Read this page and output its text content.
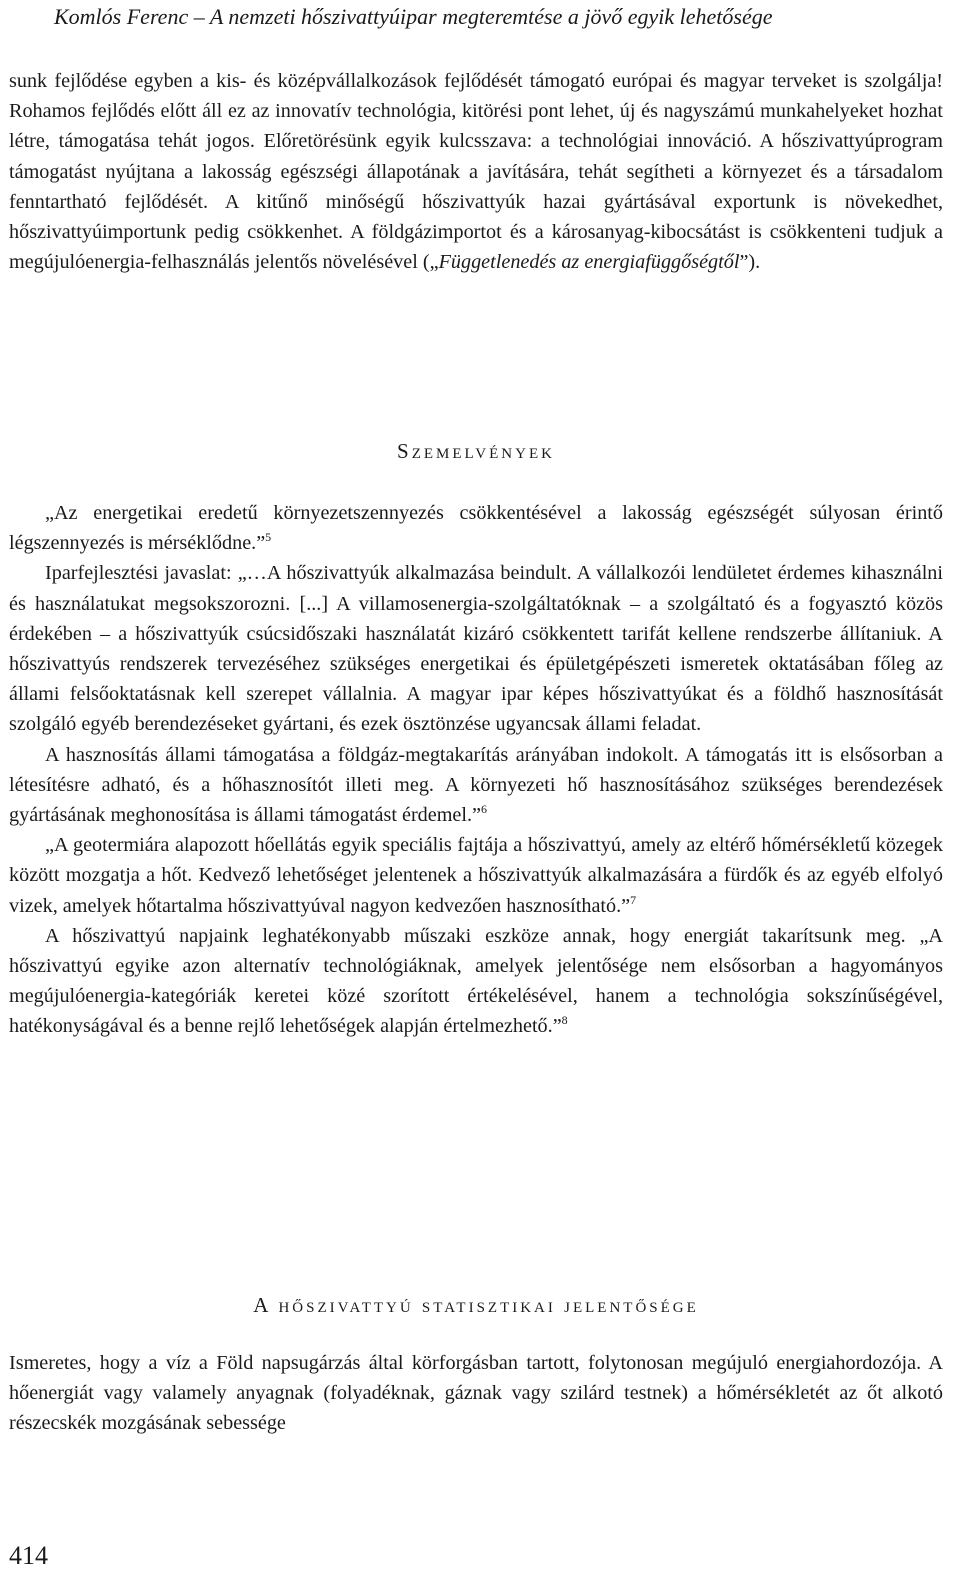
Komlós Ferenc – A nemzeti hőszivattyúipar megteremtése a jövő egyik lehetősége

sunk fejlődése egyben a kis- és középvállalkozások fejlődését támogató európai és magyar terveket is szolgálja! Rohamos fejlődés előtt áll ez az innovatív technológia, kitörési pont lehet, új és nagyszámú munkahelyeket hozhat létre, támogatása tehát jogos. Előretörésünk egyik kulcsszava: a technológiai innováció. A hőszivattyúprogram támogatást nyújtana a lakosság egészségi állapotának a javítására, tehát segítheti a környezet és a társadalom fenntartható fejlődését. A kitűnő minőségű hőszivattyúk hazai gyártásával exportunk is növekedhet, hőszivattyúimportunk pedig csökkenhet. A földgázimportot és a károsanyag-kibocsátást is csökkenteni tudjuk a megújulóenergia-felhasználás jelentős növelésével („Függetlenedés az energiafüggőségtől”).

Szemelvények

„Az energetikai eredetű környezetszennyezés csökkentésével a lakosság egészségét súlyosan érintő légszennyezés is mérséklődne.”$^5$

Iparfejlesztési javaslat: „…A hőszivattyúk alkalmazása beindult. A vállalkozói lendületet érdemes kihasználni és használatukat megsokszorozni. [...] A villamosenergia-szolgáltatóknak – a szolgáltató és a fogyasztó közös érdekében – a hőszivattyúk csúcsidőszaki használatát kizáró csökkentett tarifát kellene rendszerbe állítaniuk. A hőszivattyús rendszerek tervezéséhez szükséges energetikai és épületgépészeti ismeretek oktatásában főleg az állami felsőoktatásnak kell szerepet vállalnia. A magyar ipar képes hőszivattyúkat és a földhő hasznosítását szolgáló egyéb berendezéseket gyártani, és ezek ösztönzése ugyancsak állami feladat.

A hasznosítás állami támogatása a földgáz-megtakarítás arányában indokolt. A támogatás itt is elsősorban a létesítésre adható, és a hőhasznosítót illeti meg. A környezeti hő hasznosításához szükséges berendezések gyártásának meghonosítása is állami támogatást érdemel.”$^6$

„A geotermiára alapozott hőellátás egyik speciális fajtája a hőszivattyú, amely az eltérő hőmérsékletű közegek között mozgatja a hőt. Kedvező lehetőséget jelentenek a hőszivattyúk alkalmazására a fürdők és az egyéb elfolyó vizek, amelyek hőtartalma hőszivattyúval nagyon kedvezően hasznosítható.”$^7$

A hőszivattyú napjaink leghatékonyabb műszaki eszköze annak, hogy energiát takarítsunk meg. „A hőszivattyú egyike azon alternatív technológiáknak, amelyek jelentősége nem elsősorban a hagyományos megújulóenergia-kategóriák keretei közé szorított értékelésével, hanem a technológia sokszínűségével, hatékonyságával és a benne rejlő lehetőségek alapján értelmezhető.”$^8$

A hőszivattyú statisztikai jelentősége

Ismeretes, hogy a víz a Föld napsugárzás által körforgásban tartott, folytonosan megújuló energiahordozója. A hőenergiát vagy valamely anyagnak (folyadéknak, gáznak vagy szilárd testnek) a hőmérsékletét az őt alkotó részecskék mozgásának sebessége

414
